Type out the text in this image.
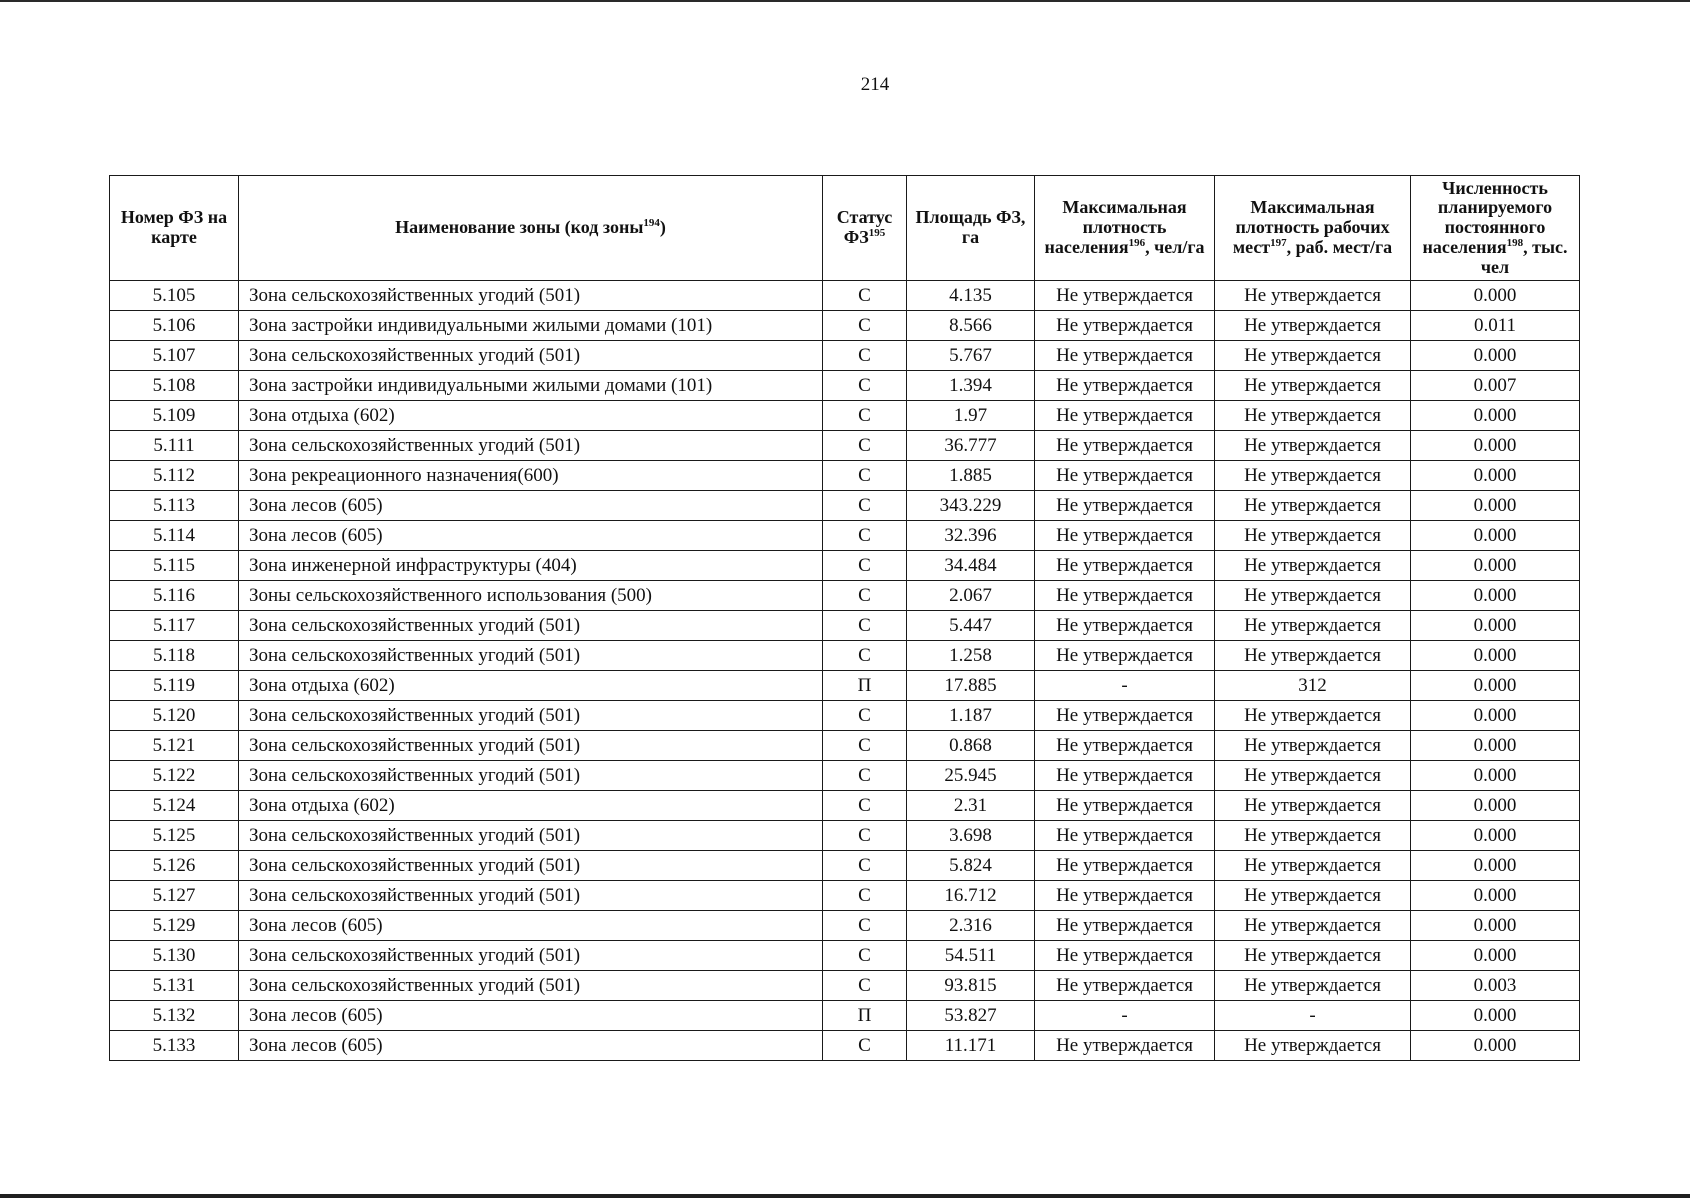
214
Номер ФЗ на карте	Наименование зоны (код зоны$^{194}$)	Статус ФЗ$^{195}$	Площадь ФЗ, га	Максимальная плотность населения$^{196}$, чел/га	Максимальная плотность рабочих мест$^{197}$, раб. мест/га	Численность планируемого постоянного населения$^{198}$, тыс. чел
5.105	Зона сельскохозяйственных угодий (501)	С	4.135	Не утверждается	Не утверждается	0.000
5.106	Зона застройки индивидуальными жилыми домами (101)	С	8.566	Не утверждается	Не утверждается	0.011
5.107	Зона сельскохозяйственных угодий (501)	С	5.767	Не утверждается	Не утверждается	0.000
5.108	Зона застройки индивидуальными жилыми домами (101)	С	1.394	Не утверждается	Не утверждается	0.007
5.109	Зона отдыха (602)	С	1.97	Не утверждается	Не утверждается	0.000
5.111	Зона сельскохозяйственных угодий (501)	С	36.777	Не утверждается	Не утверждается	0.000
5.112	Зона рекреационного назначения(600)	С	1.885	Не утверждается	Не утверждается	0.000
5.113	Зона лесов (605)	С	343.229	Не утверждается	Не утверждается	0.000
5.114	Зона лесов (605)	С	32.396	Не утверждается	Не утверждается	0.000
5.115	Зона инженерной инфраструктуры (404)	С	34.484	Не утверждается	Не утверждается	0.000
5.116	Зоны сельскохозяйственного использования (500)	С	2.067	Не утверждается	Не утверждается	0.000
5.117	Зона сельскохозяйственных угодий (501)	С	5.447	Не утверждается	Не утверждается	0.000
5.118	Зона сельскохозяйственных угодий (501)	С	1.258	Не утверждается	Не утверждается	0.000
5.119	Зона отдыха (602)	П	17.885	-	312	0.000
5.120	Зона сельскохозяйственных угодий (501)	С	1.187	Не утверждается	Не утверждается	0.000
5.121	Зона сельскохозяйственных угодий (501)	С	0.868	Не утверждается	Не утверждается	0.000
5.122	Зона сельскохозяйственных угодий (501)	С	25.945	Не утверждается	Не утверждается	0.000
5.124	Зона отдыха (602)	С	2.31	Не утверждается	Не утверждается	0.000
5.125	Зона сельскохозяйственных угодий (501)	С	3.698	Не утверждается	Не утверждается	0.000
5.126	Зона сельскохозяйственных угодий (501)	С	5.824	Не утверждается	Не утверждается	0.000
5.127	Зона сельскохозяйственных угодий (501)	С	16.712	Не утверждается	Не утверждается	0.000
5.129	Зона лесов (605)	С	2.316	Не утверждается	Не утверждается	0.000
5.130	Зона сельскохозяйственных угодий (501)	С	54.511	Не утверждается	Не утверждается	0.000
5.131	Зона сельскохозяйственных угодий (501)	С	93.815	Не утверждается	Не утверждается	0.003
5.132	Зона лесов (605)	П	53.827	-	-	0.000
5.133	Зона лесов (605)	С	11.171	Не утверждается	Не утверждается	0.000
